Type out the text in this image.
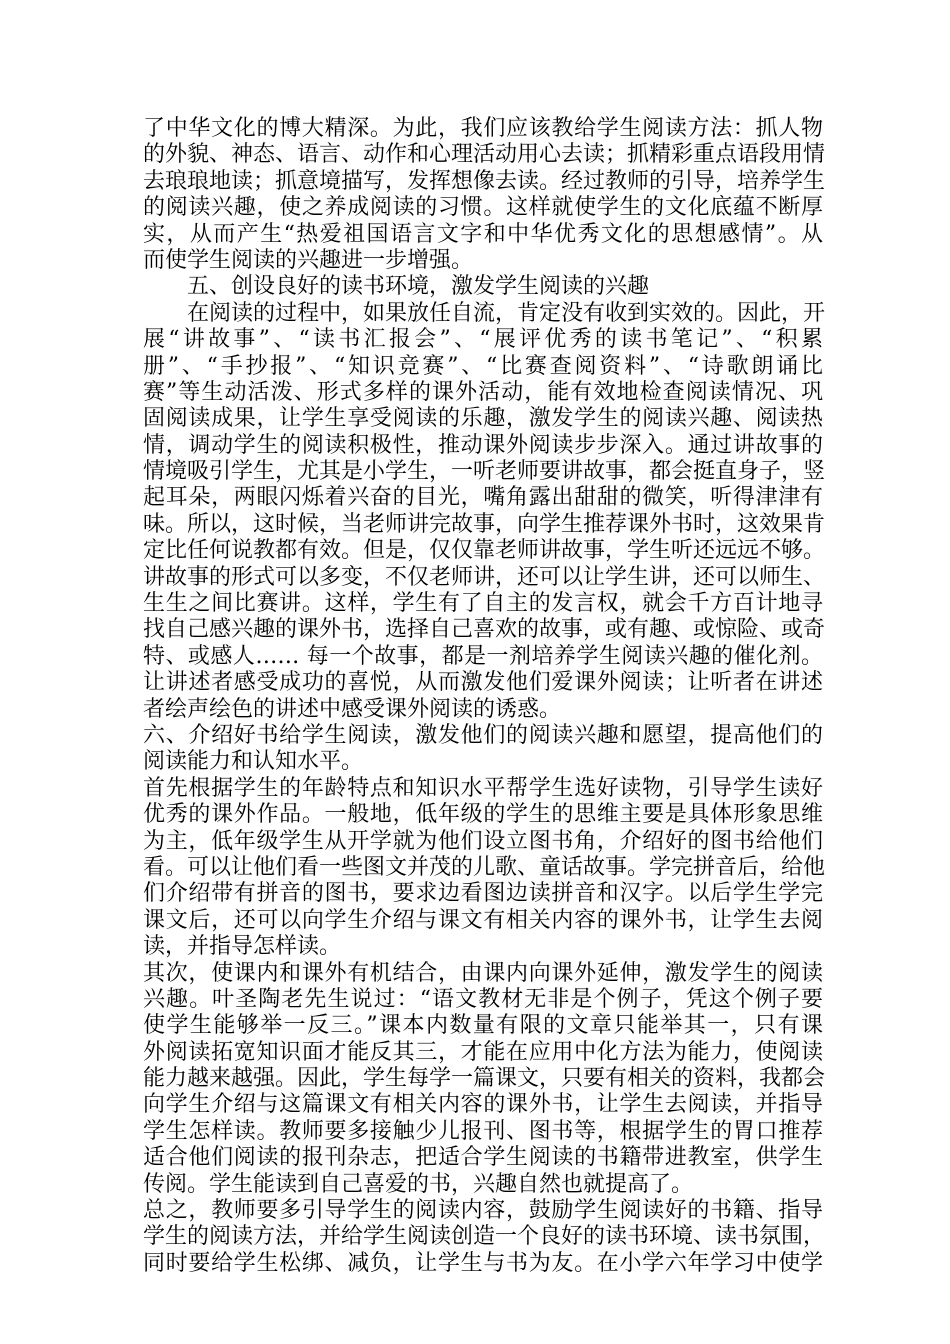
了中华文化的博大精深。为此，我们应该教给学生阅读方法：抓人物
的外貌、神态、语言、动作和心理活动用心去读；抓精彩重点语段用情
去琅琅地读；抓意境描写，发挥想像去读。经过教师的引导，培养学生
的阅读兴趣，使之养成阅读的习惯。这样就使学生的文化底蕴不断厚
实，从而产生“热爱祖国语言文字和中华优秀文化的思想感情”。从
而使学生阅读的兴趣进一步增强。
五、创设良好的读书环境，激发学生阅读的兴趣
在阅读的过程中，如果放任自流，肯定没有收到实效的。因此，开
展“讲故事”、“读书汇报会”、“展评优秀的读书笔记”、“积累
册”、“手抄报”、“知识竞赛”、“比赛查阅资料”、“诗歌朗诵比
赛”等生动活泼、形式多样的课外活动，能有效地检查阅读情况、巩
固阅读成果，让学生享受阅读的乐趣，激发学生的阅读兴趣、阅读热
情，调动学生的阅读积极性，推动课外阅读步步深入。通过讲故事的
情境吸引学生，尤其是小学生，一听老师要讲故事，都会挺直身子，竖
起耳朵，两眼闪烁着兴奋的目光，嘴角露出甜甜的微笑，听得津津有
味。所以，这时候，当老师讲完故事，向学生推荐课外书时，这效果肯
定比任何说教都有效。但是，仅仅靠老师讲故事，学生听还远远不够。
讲故事的形式可以多变，不仅老师讲，还可以让学生讲，还可以师生、
生生之间比赛讲。这样，学生有了自主的发言权，就会千方百计地寻
找自己感兴趣的课外书，选择自己喜欢的故事，或有趣、或惊险、或奇
特、或感人…… 每一个故事，都是一剂培养学生阅读兴趣的催化剂。
让讲述者感受成功的喜悦，从而激发他们爱课外阅读；让听者在讲述
者绘声绘色的讲述中感受课外阅读的诱惑。
六、介绍好书给学生阅读，激发他们的阅读兴趣和愿望，提高他们的
阅读能力和认知水平。
首先根据学生的年龄特点和知识水平帮学生选好读物，引导学生读好
优秀的课外作品。一般地，低年级的学生的思维主要是具体形象思维
为主，低年级学生从开学就为他们设立图书角，介绍好的图书给他们
看。可以让他们看一些图文并茂的儿歌、童话故事。学完拼音后，给他
们介绍带有拼音的图书，要求边看图边读拼音和汉字。以后学生学完
课文后，还可以向学生介绍与课文有相关内容的课外书，让学生去阅
读，并指导怎样读。
其次，使课内和课外有机结合，由课内向课外延伸，激发学生的阅读
兴趣。叶圣陶老先生说过：“语文教材无非是个例子，凭这个例子要
使学生能够举一反三。”课本内数量有限的文章只能举其一，只有课
外阅读拓宽知识面才能反其三，才能在应用中化方法为能力，使阅读
能力越来越强。因此，学生每学一篇课文，只要有相关的资料，我都会
向学生介绍与这篇课文有相关内容的课外书，让学生去阅读，并指导
学生怎样读。教师要多接触少儿报刊、图书等，根据学生的胃口推荐
适合他们阅读的报刊杂志，把适合学生阅读的书籍带进教室，供学生
传阅。学生能读到自己喜爱的书，兴趣自然也就提高了。
总之，教师要多引导学生的阅读内容，鼓励学生阅读好的书籍、指导
学生的阅读方法，并给学生阅读创造一个良好的读书环境、读书氛围，
同时要给学生松绑、减负，让学生与书为友。在小学六年学习中使学
